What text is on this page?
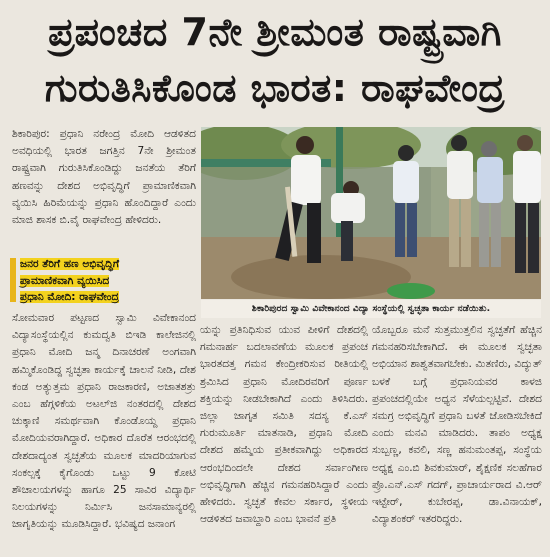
ಪ್ರಪಂಚದ 7ನೇ ಶ್ರೀಮಂತ ರಾಷ್ಟ್ರವಾಗಿ
ಗುರುತಿಸಿಕೊಂಡ ಭಾರತ: ರಾಘವೇಂದ್ರ

ಶಿಕಾರಿಪುರ: ಪ್ರಧಾನಿ ನರೇಂದ್ರ ಮೋದಿ ಆಡಳಿತದ ಅವಧಿಯಲ್ಲಿ ಭಾರತ ಜಗತ್ತಿನ 7ನೇ ಶ್ರೀಮಂತ ರಾಷ್ಟ್ರವಾಗಿ ಗುರುತಿಸಿಕೊಂಡಿದ್ದು ಜನತೆಯ ತೆರಿಗೆ ಹಣವನ್ನು ದೇಶದ ಅಭಿವೃದ್ಧಿಗೆ ಪ್ರಾಮಾಣಿಕವಾಗಿ ವ್ಯಯಿಸಿ ಹಿರಿಮೆಯನ್ನು ಪ್ರಧಾನಿ ಹೊಂದಿದ್ದಾರೆ ಎಂದು ಮಾಜಿ ಶಾಸಕ ಬಿ.ವೈ ರಾಘವೇಂದ್ರ ಹೇಳಿದರು.

ಜನರ ತೆರಿಗೆ ಹಣ ಅಭಿವೃದ್ಧಿಗೆ
ಪ್ರಾಮಾಣಿಕವಾಗಿ ವ್ಯಯಿಸಿದ
ಪ್ರಧಾನಿ ಮೋದಿ: ರಾಘವೇಂದ್ರ

ಸೋಮವಾರ ಪಟ್ಟಣದ ಸ್ವಾಮಿ ವಿವೇಕಾನಂದ ವಿದ್ಯಾಸಂಸ್ಥೆಯಲ್ಲಿನ ಕುಮದ್ವತಿ ಬಿಇಡಿ ಕಾಲೇಜಿನಲ್ಲಿ ಪ್ರಧಾನಿ ಮೋದಿ ಜನ್ಮ ದಿನಾಚರಣೆ ಅಂಗವಾಗಿ ಹಮ್ಮಿಕೊಂಡಿದ್ದ ಸ್ವಚ್ಛತಾ ಕಾರ್ಯಕ್ಕೆ ಚಾಲನೆ ನೀಡಿ, ದೇಶ ಕಂಡ ಅತ್ಯುತ್ತಮ ಪ್ರಧಾನಿ ರಾಜಕಾರಣಿ, ಅಜಾತಶತ್ರು ಎಂಬ ಹೆಗ್ಗಳಿಕೆಯ ಅಟಲ್‌ಜಿ ನಂತರದಲ್ಲಿ ದೇಶದ ಚುಕ್ಕಾಣಿ ಸಮರ್ಥವಾಗಿ ಕೊಂಡೊಯ್ದ ಪ್ರಧಾನಿ ಮೋದಿಯವರಾಗಿದ್ದಾರೆ. ಅಧಿಕಾರ ದೊರೆತ ಆರಂಭದಲ್ಲಿ ದೇಶದಾದ್ಯಂತ ಸ್ವಚ್ಛತೆಯ ಮೂಲಕ ಮಾದರಿಯಾಗುವ ಸಂಕಲ್ಪಕ್ಕೆ ಕೈಗೊಂಡು ಒಟ್ಟು 9 ಕೋಟಿ ಶೌಚಾಲಯಗಳನ್ನು ಹಾಗೂ 25 ಸಾವಿರ ವಿದ್ಯಾರ್ಥಿ ನಿಲಯಗಳನ್ನು ನಿರ್ಮಿಸಿ ಜನಸಾಮಾನ್ಯರಲ್ಲಿ ಜಾಗೃತಿಯನ್ನು ಮೂಡಿಸಿದ್ದಾರೆ. ಭವಿಷ್ಯದ ಜನಾಂಗ

ಶಿಕಾರಿಪುರದ ಸ್ವಾಮಿ ವಿವೇಕಾನಂದ ವಿದ್ಯಾ ಸಂಸ್ಥೆಯಲ್ಲಿ ಸ್ವಚ್ಛತಾ ಕಾರ್ಯ ನಡೆಯಿತು.

ಯನ್ನು ಪ್ರತಿನಿಧಿಸುವ ಯುವ ಪೀಳಿಗೆ ದೇಶದಲ್ಲಿ ಗಮನಾರ್ಹ ಬದಲಾವಣೆಯ ಮೂಲಕ ಪ್ರಪಂಚ ಭಾರತದತ್ತ ಗಮನ ಕೇಂದ್ರೀಕರಿಸುವ ರೀತಿಯಲ್ಲಿ ಶ್ರಮಿಸಿದ ಪ್ರಧಾನಿ ಮೋದಿರವರಿಗೆ ಪೂರ್ಣ ಶಕ್ತಿಯನ್ನು ನೀಡಬೇಕಾಗಿದೆ ಎಂದು ತಿಳಿಸಿದರು. ಜಿಲ್ಲಾ ಜಾಗೃತ ಸಮಿತಿ ಸದಸ್ಯ ಕೆ.ಎಸ್ ಗುರುಮೂರ್ತಿ ಮಾತನಾಡಿ, ಪ್ರಧಾನಿ ಮೋದಿ ದೇಶದ ಹಮ್ಮೆಯ ಪ್ರತೀಕವಾಗಿದ್ದು ಅಧಿಕಾರದ ಆರಂಭದಿಂದಲೇ ದೇಶದ ಸರ್ವಾಂಗೀಣ ಅಭಿವೃದ್ಧಿಗಾಗಿ ಹೆಚ್ಚಿನ ಗಮನಹರಿಸಿದ್ದಾರೆ ಎಂದು ಹೇಳಿದರು. ಸ್ವಚ್ಛತೆ ಕೇವಲ ಸರ್ಕಾರ, ಸ್ಥಳೀಯ ಆಡಳಿತದ ಜವಾಬ್ದಾರಿ ಎಂಬ ಭಾವನೆ ಪ್ರತಿ

ಯೊಬ್ಬರೂ ಮನೆ ಸುತ್ತಮುತ್ತಲಿನ ಸ್ವಚ್ಛತೆಗೆ ಹೆಚ್ಚಿನ ಗಮನಹರಿಸಬೇಕಾಗಿದೆ. ಈ ಮೂಲಕ ಸ್ವಚ್ಛತಾ ಅಭಿಯಾನ ಶಾಶ್ವತವಾಗಬೇಕು. ಮಿತಣಿರು, ವಿದ್ಯುತ್ ಬಳಕೆ ಬಗ್ಗೆ ಪ್ರಧಾನಿಯವರ ಕಾಳಜಿ ಪ್ರಪಂಚದಲ್ಲಿಯೇ ಅಧ್ಯನ ಸೆಳೆಯಲ್ಪಟ್ಟಿವೆ. ದೇಶದ ಸಮಗ್ರ ಅಭಿವೃದ್ಧಿಗೆ ಪ್ರಧಾನಿ ಬಳತೆ ಜೋಡಿಸಬೇಕಿದೆ ಎಂದು ಮನವಿ ಮಾಡಿದರು. ತಾಪಂ ಅಧ್ಯಕ್ಷ ಸುಬ್ಬಣ್ಣ, ಕವಲಿ, ಸಣ್ಣ ಹನುಮಂತಪ್ಪ, ಸಂಸ್ಥೆಯ ಅಧ್ಯಕ್ಷ ಎಂ.ಬಿ ಶಿವಕುಮಾರ್, ಶೈಕ್ಷಣಿಕ ಸಲಹೆಗಾರ ಪ್ರೊ.ಎನ್.ಎಸ್ ಗದಗ್, ಪ್ರಾಚಾರ್ಯರಾದ ವಿ.ಆರ್ ಇಟ್ಟೇರ್, ಕುಬೇರಪ್ಪ, ಡಾ.ವಿನಾಯಕ್, ವಿದ್ಯಾಶಂಕರ್ ಇತರರಿದ್ದರು.
